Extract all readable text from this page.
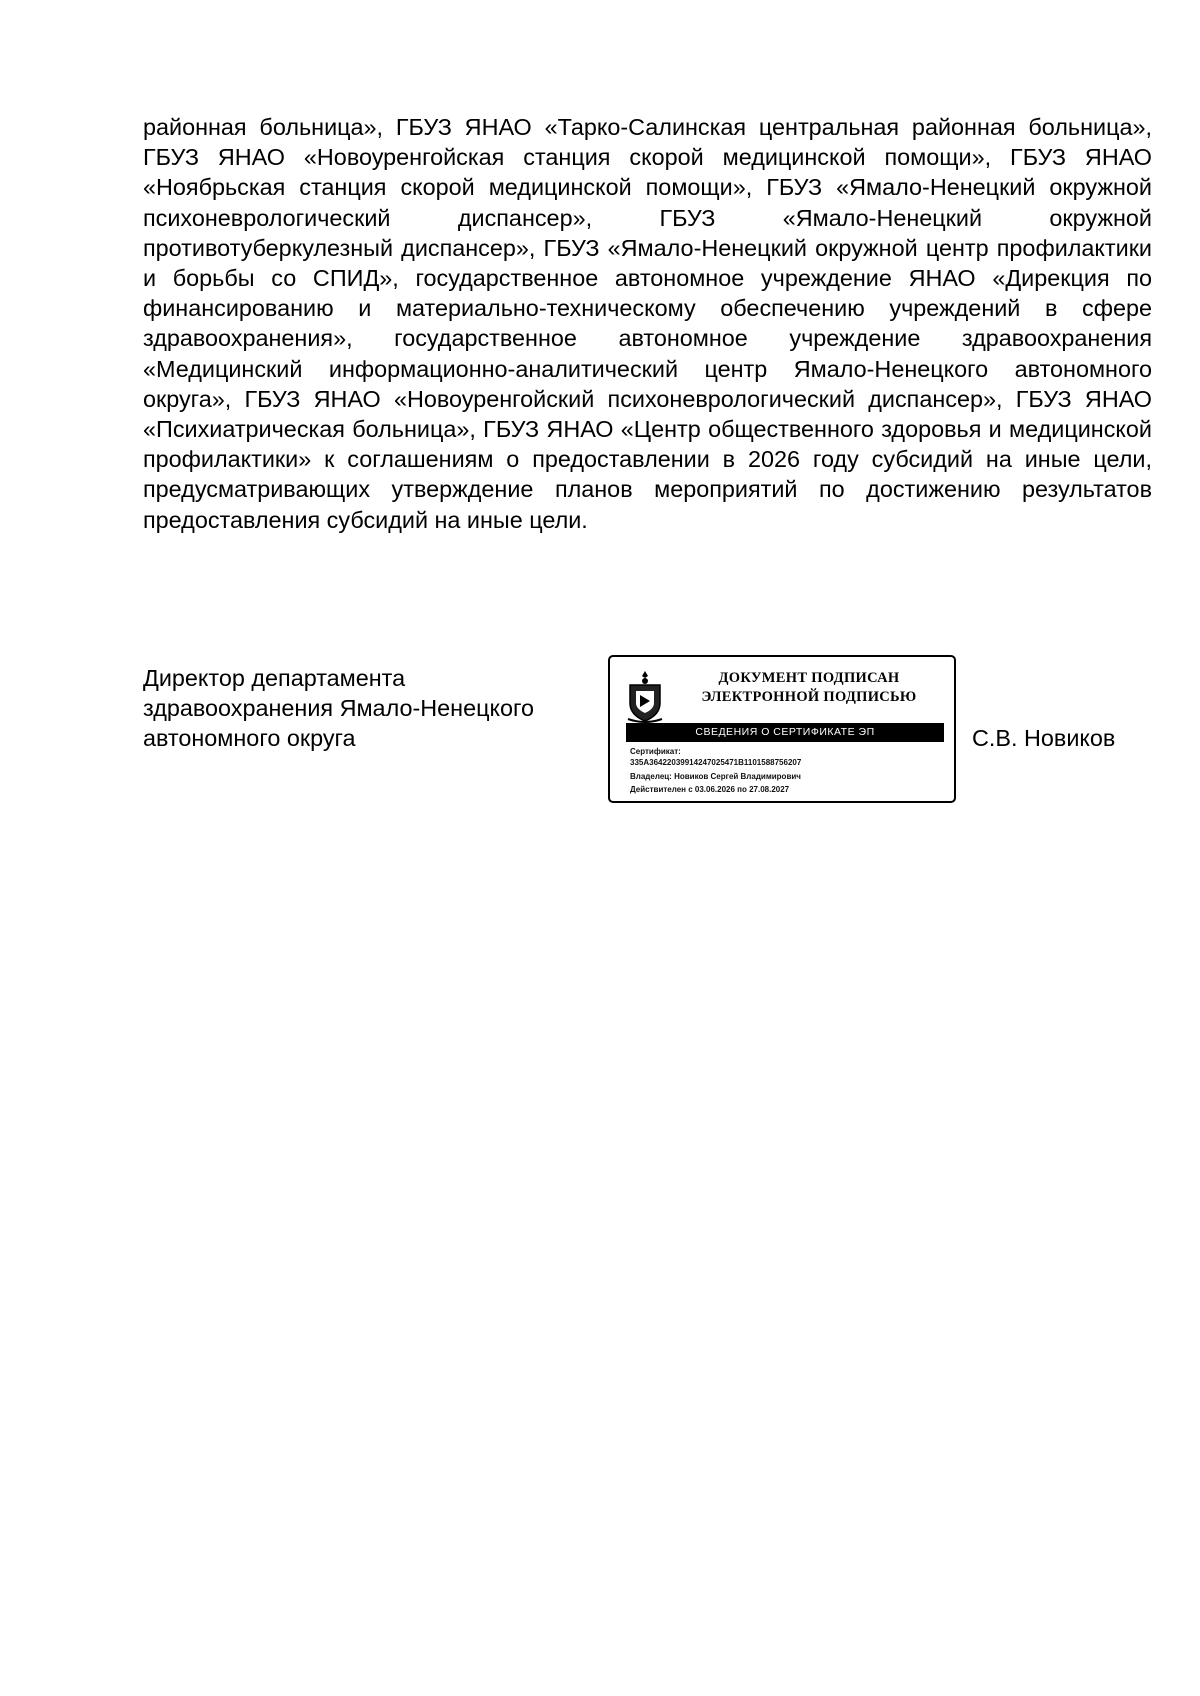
районная больница», ГБУЗ ЯНАО «Тарко-Салинская центральная районная больница», ГБУЗ ЯНАО «Новоуренгойская станция скорой медицинской помощи», ГБУЗ ЯНАО «Ноябрьская станция скорой медицинской помощи», ГБУЗ «Ямало-Ненецкий окружной психоневрологический диспансер», ГБУЗ «Ямало-Ненецкий окружной противотуберкулезный диспансер», ГБУЗ «Ямало-Ненецкий окружной центр профилактики и борьбы со СПИД», государственное автономное учреждение ЯНАО «Дирекция по финансированию и материально-техническому обеспечению учреждений в сфере здравоохранения», государственное автономное учреждение здравоохранения «Медицинский информационно-аналитический центр Ямало-Ненецкого автономного округа», ГБУЗ ЯНАО «Новоуренгойский психоневрологический диспансер», ГБУЗ ЯНАО «Психиатрическая больница», ГБУЗ ЯНАО «Центр общественного здоровья и медицинской профилактики» к соглашениям о предоставлении в 2026 году субсидий на иные цели, предусматривающих утверждение планов мероприятий по достижению результатов предоставления субсидий на иные цели.

Директор департамента
здравоохранения Ямало-Ненецкого
автономного округа
ДОКУМЕНТ ПОДПИСАН
ЭЛЕКТРОННОЙ ПОДПИСЬЮ
СВЕДЕНИЯ О СЕРТИФИКАТЕ ЭП
Сертификат:
335A36422039914247025471B1101588756207
Владелец: Новиков Сергей Владимирович
Действителен с 03.06.2026 по 27.08.2027
С.В. Новиков
